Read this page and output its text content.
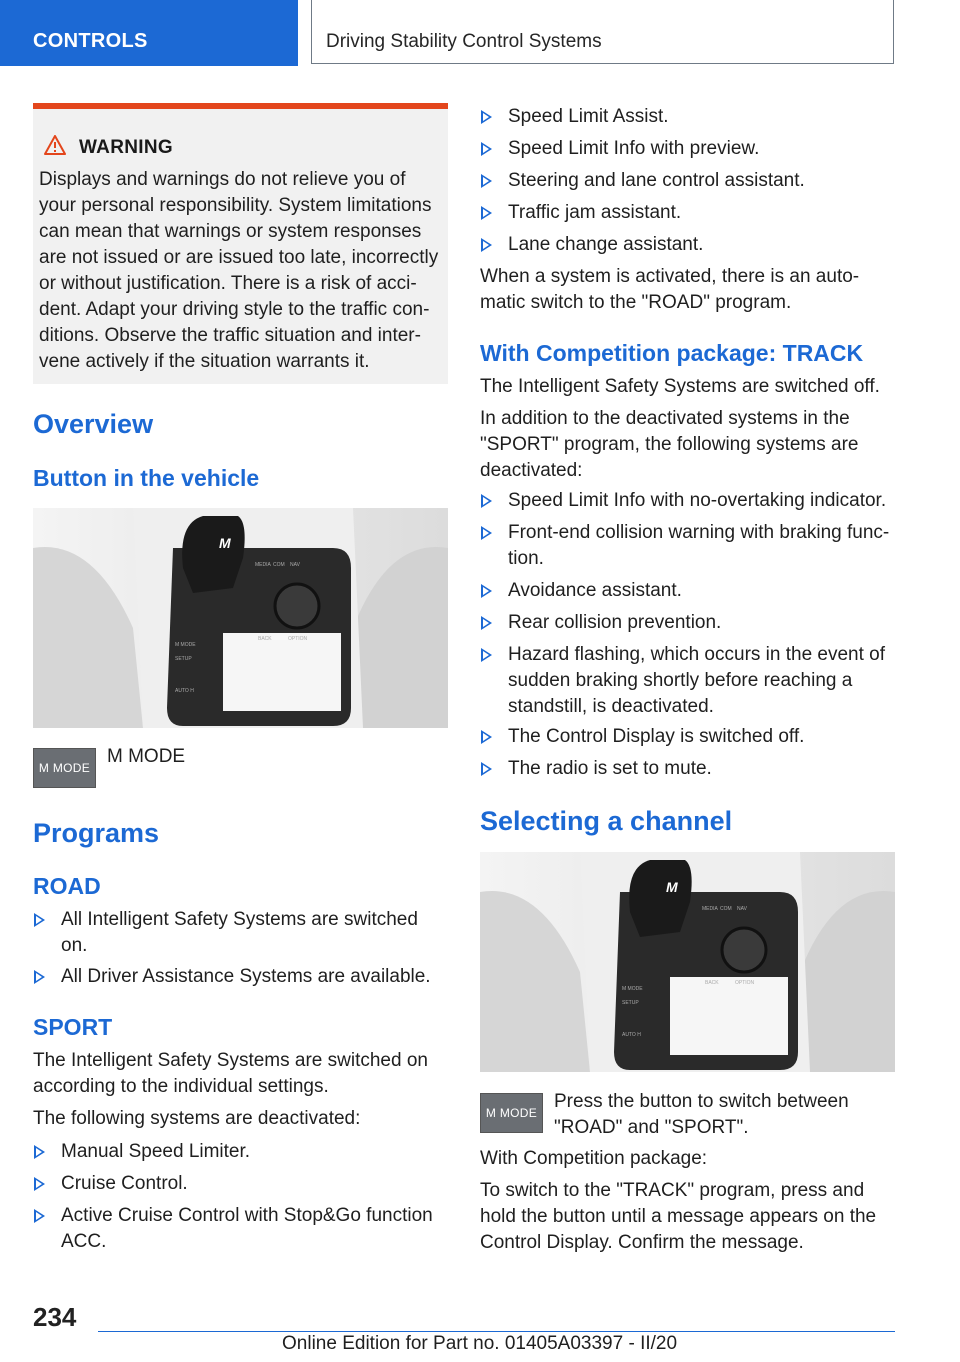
CONTROLS	Driving Stability Control Systems
WARNING
Displays and warnings do not relieve you of your personal responsibility. System limitations can mean that warnings or system responses are not issued or are issued too late, incorrectly or without justification. There is a risk of acci‐dent. Adapt your driving style to the traffic con‐ditions. Observe the traffic situation and inter‐vene actively if the situation warrants it.
Overview
Button in the vehicle
M
MEDIA COM NAV
BACK	OPTION
M MODE
SETUP
AUTO H
M MODE
M MODE
Programs
ROAD
All Intelligent Safety Systems are switched on.
All Driver Assistance Systems are available.
SPORT
The Intelligent Safety Systems are switched on according to the individual settings.
The following systems are deactivated:
Manual Speed Limiter.
Cruise Control.
Active Cruise Control with Stop&Go function ACC.
Speed Limit Assist.
Speed Limit Info with preview.
Steering and lane control assistant.
Traffic jam assistant.
Lane change assistant.
When a system is activated, there is an auto‐matic switch to the "ROAD" program.
With Competition package: TRACK
The Intelligent Safety Systems are switched off.
In addition to the deactivated systems in the "SPORT" program, the following systems are deactivated:
Speed Limit Info with no-overtaking indicator.
Front-end collision warning with braking func‐tion.
Avoidance assistant.
Rear collision prevention.
Hazard flashing, which occurs in the event of sudden braking shortly before reaching a standstill, is deactivated.
The Control Display is switched off.
The radio is set to mute.
Selecting a channel
M
MEDIA COM NAV
BACK	OPTION
M MODE
SETUP
AUTO H
M MODE
Press the button to switch between "ROAD" and "SPORT".
With Competition package:
To switch to the "TRACK" program, press and hold the button until a message appears on the Control Display. Confirm the message.
234
Online Edition for Part no. 01405A03397 - II/20
